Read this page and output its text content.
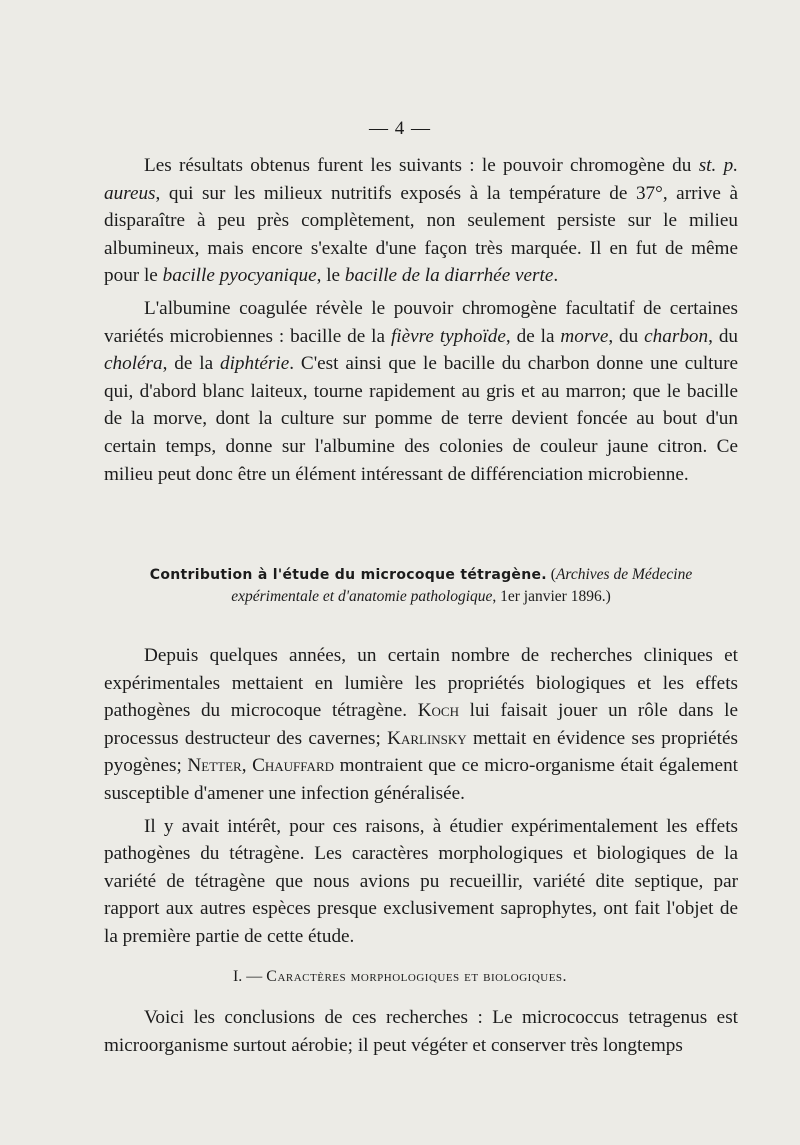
— 4 —

Les résultats obtenus furent les suivants : le pouvoir chromogène du st. p. aureus, qui sur les milieux nutritifs exposés à la température de 37°, arrive à disparaître à peu près complètement, non seulement persiste sur le milieu albumineux, mais encore s'exalte d'une façon très marquée. Il en fut de même pour le bacille pyocyanique, le bacille de la diarrhée verte.

L'albumine coagulée révèle le pouvoir chromogène facultatif de certaines variétés microbiennes : bacille de la fièvre typhoïde, de la morve, du charbon, du choléra, de la diphtérie. C'est ainsi que le bacille du charbon donne une culture qui, d'abord blanc laiteux, tourne rapidement au gris et au marron; que le bacille de la morve, dont la culture sur pomme de terre devient foncée au bout d'un certain temps, donne sur l'albumine des colonies de couleur jaune citron. Ce milieu peut donc être un élément intéressant de différenciation microbienne.

Contribution à l'étude du microcoque tétragène. (Archives de Médecine expérimentale et d'anatomie pathologique, 1er janvier 1896.)

Depuis quelques années, un certain nombre de recherches cliniques et expérimentales mettaient en lumière les propriétés biologiques et les effets pathogènes du microcoque tétragène. Koch lui faisait jouer un rôle dans le processus destructeur des cavernes; Karlinsky mettait en évidence ses propriétés pyogènes; Netter, Chauffard montraient que ce micro-organisme était également susceptible d'amener une infection généralisée.

Il y avait intérêt, pour ces raisons, à étudier expérimentalement les effets pathogènes du tétragène. Les caractères morphologiques et biologiques de la variété de tétragène que nous avions pu recueillir, variété dite septique, par rapport aux autres espèces presque exclusivement saprophytes, ont fait l'objet de la première partie de cette étude.

I. — Caractères morphologiques et biologiques.

Voici les conclusions de ces recherches : Le micrococcus tetragenus est microorganisme surtout aérobie; il peut végéter et conserver très longtemps
